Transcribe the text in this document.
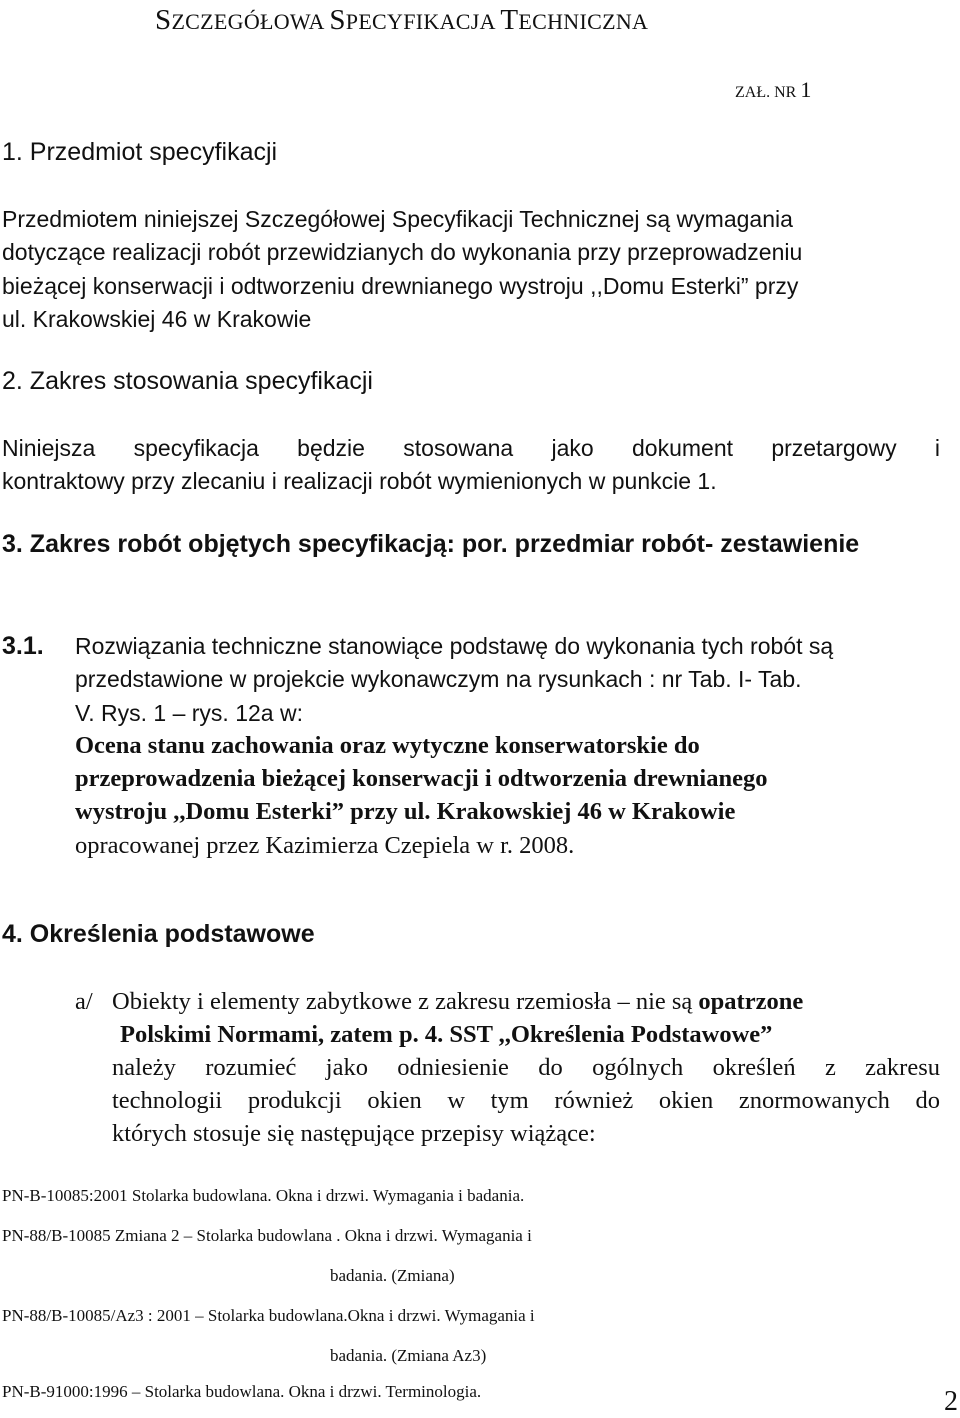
SZCZEGÓŁOWA SPECYFIKACJA TECHNICZNA
ZAŁ. NR 1
1. Przedmiot specyfikacji
Przedmiotem niniejszej Szczegółowej Specyfikacji Technicznej są wymagania
dotyczące realizacji robót przewidzianych do wykonania przy przeprowadzeniu
bieżącej konserwacji i odtworzeniu drewnianego wystroju ,,Domu Esterki” przy
ul. Krakowskiej 46 w Krakowie
2. Zakres stosowania specyfikacji
Niniejsza specyfikacja będzie stosowana jako dokument przetargowy i
kontraktowy przy zlecaniu i realizacji robót wymienionych w punkcie 1.
3. Zakres robót objętych specyfikacją: por. przedmiar robót- zestawienie
3.1. Rozwiązania techniczne stanowiące podstawę do wykonania tych robót są
przedstawione w projekcie wykonawczym na rysunkach : nr Tab. I- Tab.
V. Rys. 1 – rys. 12a w:
Ocena stanu zachowania oraz wytyczne konserwatorskie do
przeprowadzenia bieżącej konserwacji i odtworzenia drewnianego
wystroju ,,Domu Esterki” przy ul. Krakowskiej 46 w Krakowie
opracowanej przez Kazimierza Czepiela w r. 2008.
4. Określenia podstawowe
a/ Obiekty i elementy zabytkowe z zakresu rzemiosła – nie są opatrzone
Polskimi Normami, zatem p. 4. SST ,,Określenia Podstawowe”
należy rozumieć jako odniesienie do ogólnych określeń z zakresu
technologii produkcji okien w tym również okien znormowanych do
których stosuje się następujące przepisy wiążące:
PN-B-10085:2001 Stolarka budowlana. Okna i drzwi. Wymagania i badania.
PN-88/B-10085 Zmiana 2 – Stolarka budowlana . Okna i drzwi. Wymagania i
badania. (Zmiana)
PN-88/B-10085/Az3 : 2001 – Stolarka budowlana.Okna i drzwi. Wymagania i
badania. (Zmiana Az3)
PN-B-91000:1996 – Stolarka budowlana. Okna i drzwi. Terminologia.	2
